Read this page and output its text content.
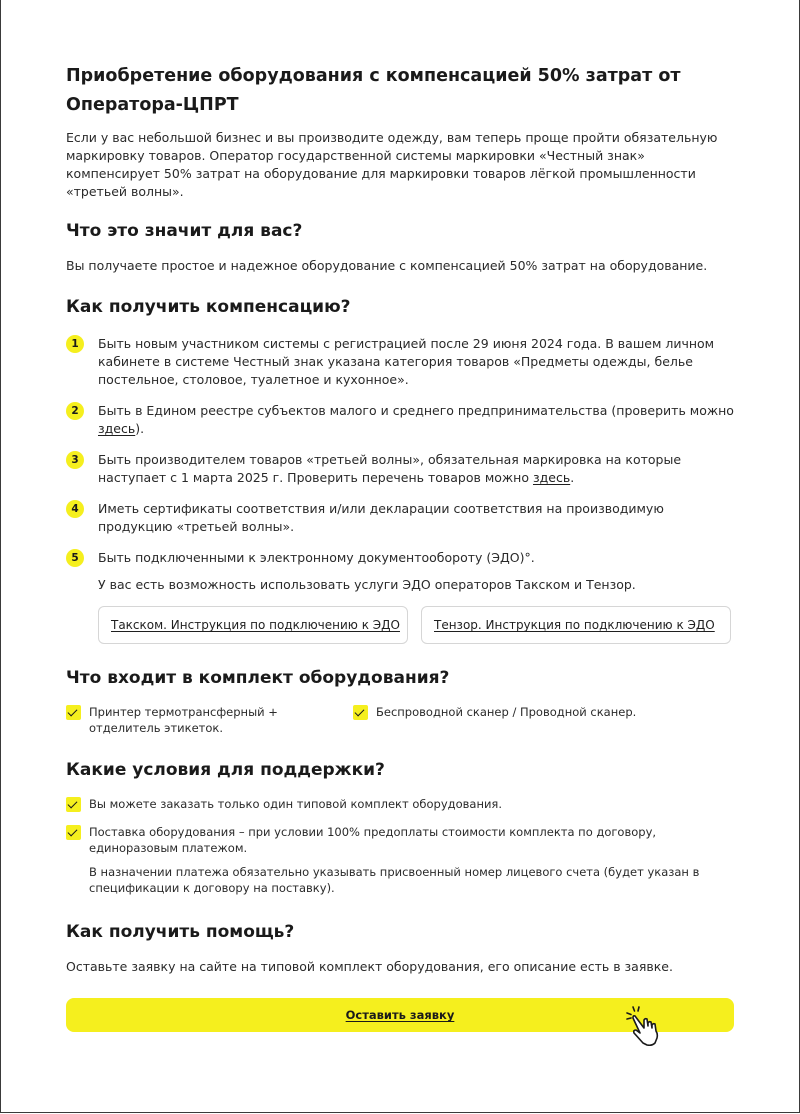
Приобретение оборудования с компенсацией 50% затрат от Оператора-ЦПРТ
Если у вас небольшой бизнес и вы производите одежду, вам теперь проще пройти обязательную маркировку товаров. Оператор государственной системы маркировки «Честный знак» компенсирует 50% затрат на оборудование для маркировки товаров лёгкой промышленности «третьей волны».
Что это значит для вас?
Вы получаете простое и надежное оборудование с компенсацией 50% затрат на оборудование.
Как получить компенсацию?
1	Быть новым участником системы с регистрацией после 29 июня 2024 года. В вашем личном кабинете в системе Честный знак указана категория товаров «Предметы одежды, белье постельное, столовое, туалетное и кухонное».
2	Быть в Едином реестре субъектов малого и среднего предпринимательства (проверить можно здесь).
3	Быть производителем товаров «третьей волны», обязательная маркировка на которые наступает с 1 марта 2025 г. Проверить перечень товаров можно здесь.
4	Иметь сертификаты соответствия и/или декларации соответствия на производимую продукцию «третьей волны».
5	Быть подключенными к электронному документообороту (ЭДО)°.
У вас есть возможность использовать услуги ЭДО операторов Такском и Тензор.
Такском. Инструкция по подключению к ЭДО	Тензор. Инструкция по подключению к ЭДО
Что входит в комплект оборудования?
Принтер термотрансферный + отделитель этикеток.
Беспроводной сканер / Проводной сканер.
Какие условия для поддержки?
Вы можете заказать только один типовой комплект оборудования.
Поставка оборудования – при условии 100% предоплаты стоимости комплекта по договору, единоразовым платежом.
В назначении платежа обязательно указывать присвоенный номер лицевого счета (будет указан в спецификации к договору на поставку).
Как получить помощь?
Оставьте заявку на сайте на типовой комплект оборудования, его описание есть в заявке.
Оставить заявку
